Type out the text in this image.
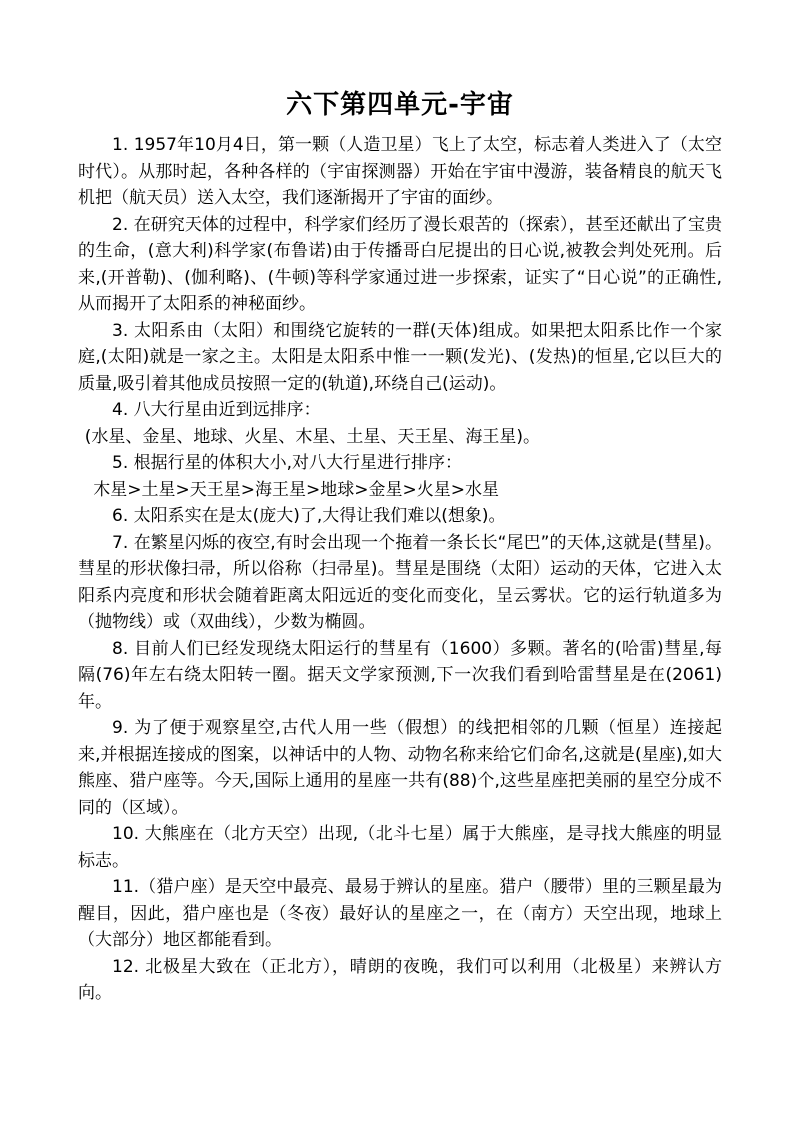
六下第四单元-宇宙

1. 1957年10月4日，第一颗（人造卫星）飞上了太空，标志着人类进入了（太空时代）。从那时起，各种各样的（宇宙探测器）开始在宇宙中漫游，装备精良的航天飞机把（航天员）送入太空，我们逐渐揭开了宇宙的面纱。

2. 在研究天体的过程中，科学家们经历了漫长艰苦的（探索），甚至还献出了宝贵的生命，(意大利)科学家(布鲁诺)由于传播哥白尼提出的日心说,被教会判处死刑。后来,(开普勒)、(伽利略)、(牛顿)等科学家通过进一步探索，证实了“日心说”的正确性,从而揭开了太阳系的神秘面纱。

3. 太阳系由（太阳）和围绕它旋转的一群(天体)组成。如果把太阳系比作一个家庭,(太阳)就是一家之主。太阳是太阳系中惟一一颗(发光)、(发热)的恒星,它以巨大的质量,吸引着其他成员按照一定的(轨道),环绕自己(运动)。

4. 八大行星由近到远排序：

(水星、金星、地球、火星、木星、土星、天王星、海王星)。

5. 根据行星的体积大小,对八大行星进行排序：

木星>土星>天王星>海王星>地球>金星>火星>水星

6. 太阳系实在是太(庞大)了,大得让我们难以(想象)。

7. 在繁星闪烁的夜空,有时会出现一个拖着一条长长“尾巴”的天体,这就是(彗星)。彗星的形状像扫帚，所以俗称（扫帚星)。彗星是围绕（太阳）运动的天体，它进入太阳系内亮度和形状会随着距离太阳远近的变化而变化，呈云雾状。它的运行轨道多为（抛物线）或（双曲线），少数为椭圆。

8. 目前人们已经发现绕太阳运行的彗星有（1600）多颗。著名的(哈雷)彗星,每隔(76)年左右绕太阳转一圈。据天文学家预测,下一次我们看到哈雷彗星是在(2061)年。

9. 为了便于观察星空,古代人用一些（假想）的线把相邻的几颗（恒星）连接起来,并根据连接成的图案，以神话中的人物、动物名称来给它们命名,这就是(星座),如大熊座、猎户座等。今天,国际上通用的星座一共有(88)个,这些星座把美丽的星空分成不同的（区域）。

10. 大熊座在（北方天空）出现,（北斗七星）属于大熊座，是寻找大熊座的明显标志。

11.（猎户座）是天空中最亮、最易于辨认的星座。猎户（腰带）里的三颗星最为醒目，因此，猎户座也是（冬夜）最好认的星座之一，在（南方）天空出现，地球上（大部分）地区都能看到。

12. 北极星大致在（正北方），晴朗的夜晚，我们可以利用（北极星）来辨认方向。
